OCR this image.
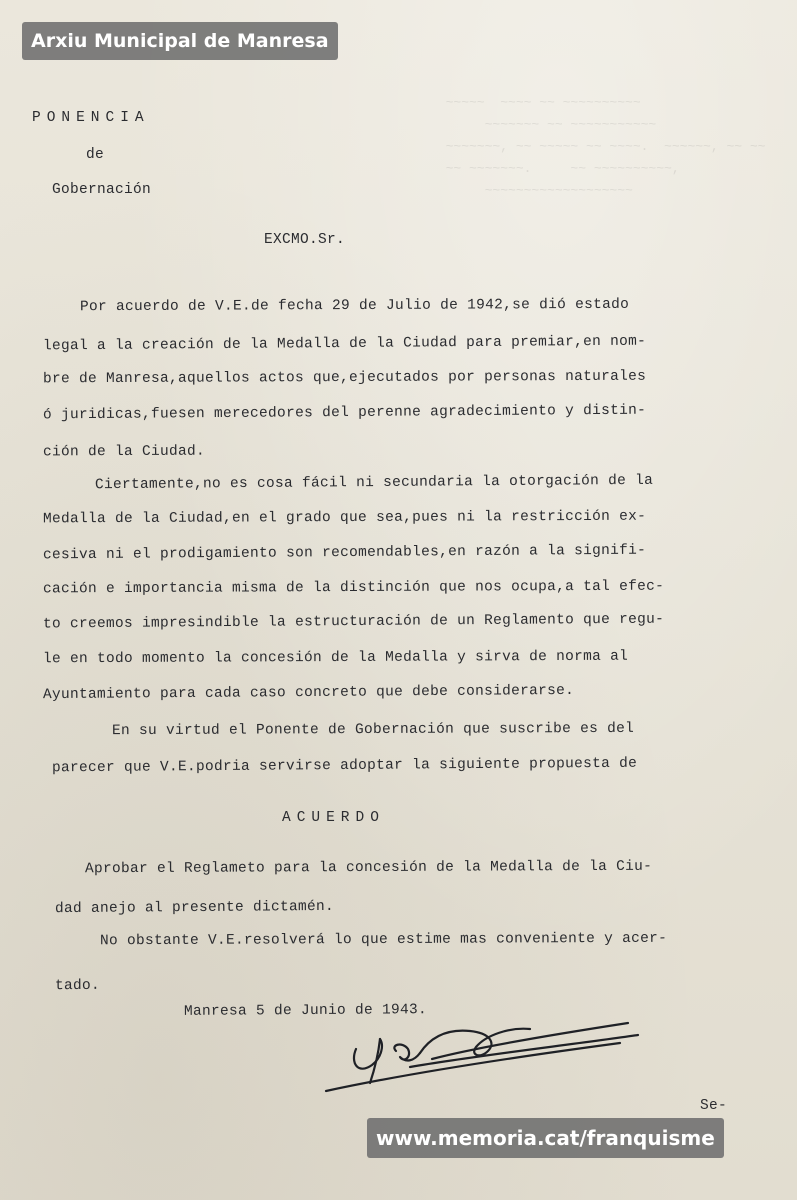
~~~~~  ~~~~ ~~ ~~~~~~~~~~
~~~~~~~ ~~ ~~~~~~~~~~~
~~~~~~~, ~~ ~~~~~ ~~ ~~~~.  ~~~~~~, ~~ ~~
~~ ~~~~~~~.     ~~ ~~~~~~~~~~,
~~~~~~~~~~~~~~~~~~~

Arxiu Municipal de Manresa
PONENCIA
de
Gobernación
EXCMO.Sr.
Por acuerdo de V.E.de fecha 29 de Julio de 1942,se dió estado
legal a la creación de la Medalla de la Ciudad para premiar,en nom-
bre de Manresa,aquellos actos que,ejecutados por personas naturales
ó juridicas,fuesen merecedores del perenne agradecimiento y distin-
ción de la Ciudad.
Ciertamente,no es cosa fácil ni secundaria la otorgación de la
Medalla de la Ciudad,en el grado que sea,pues ni la restricción ex-
cesiva ni el prodigamiento son recomendables,en razón a la signifi-
cación e importancia misma de la distinción que nos ocupa,a tal efec-
to creemos impresindible la estructuración de un Reglamento que regu-
le en todo momento la concesión de la Medalla y sirva de norma al
Ayuntamiento para cada caso concreto que debe considerarse.
En su virtud el Ponente de Gobernación que suscribe es del
parecer que V.E.podria servirse adoptar la siguiente propuesta de
ACUERDO
Aprobar el Reglameto para la concesión de la Medalla de la Ciu-
dad anejo al presente dictamén.
No obstante V.E.resolverá lo que estime mas conveniente y acer-
tado.
Manresa 5 de Junio de 1943.
Se-
www.memoria.cat/franquisme
